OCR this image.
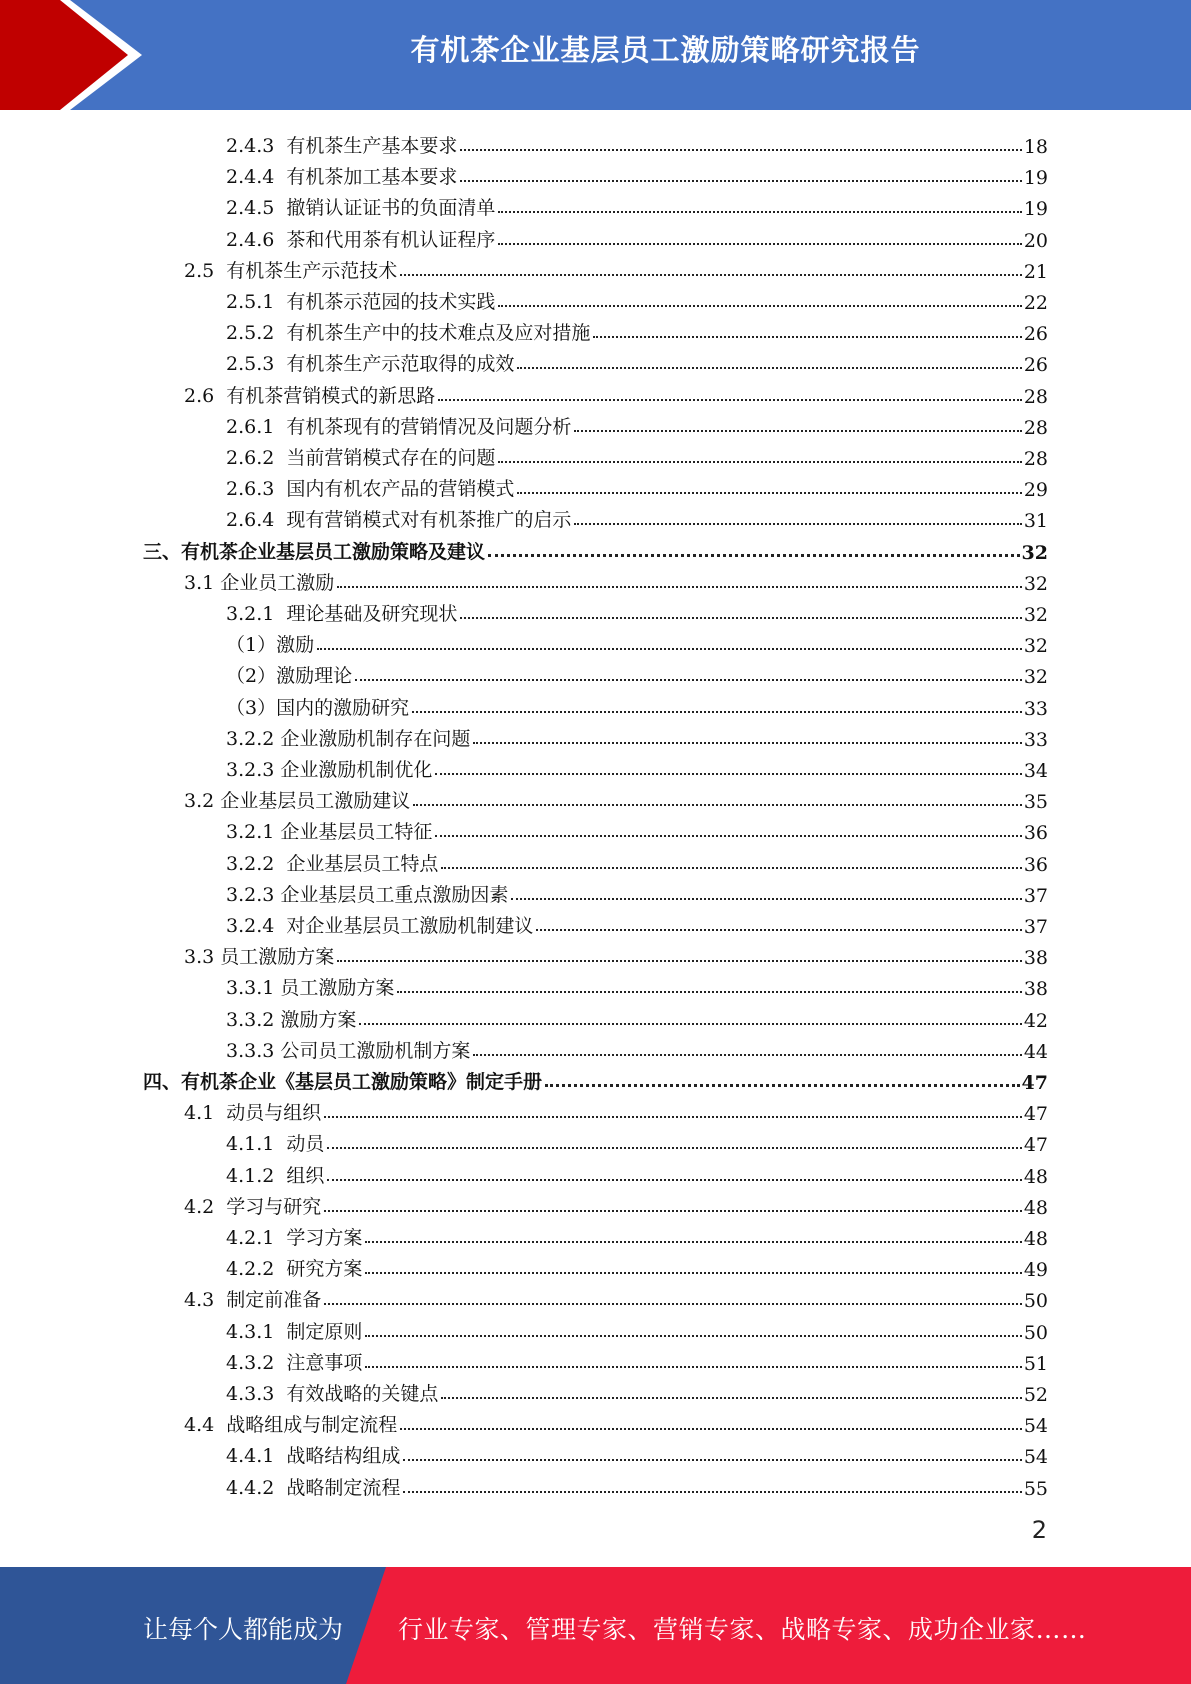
有机茶企业基层员工激励策略研究报告
2.4.3  有机茶生产基本要求	18
2.4.4  有机茶加工基本要求	19
2.4.5  撤销认证证书的负面清单	19
2.4.6  茶和代用茶有机认证程序	20
2.5  有机茶生产示范技术	21
2.5.1  有机茶示范园的技术实践	22
2.5.2  有机茶生产中的技术难点及应对措施	26
2.5.3  有机茶生产示范取得的成效	26
2.6  有机茶营销模式的新思路	28
2.6.1  有机茶现有的营销情况及问题分析	28
2.6.2  当前营销模式存在的问题	28
2.6.3  国内有机农产品的营销模式	29
2.6.4  现有营销模式对有机茶推广的启示	31
三、有机茶企业基层员工激励策略及建议	32
3.1 企业员工激励	32
3.2.1  理论基础及研究现状	32
（1）激励	32
（2）激励理论	32
（3）国内的激励研究	33
3.2.2 企业激励机制存在问题	33
3.2.3 企业激励机制优化	34
3.2 企业基层员工激励建议	35
3.2.1 企业基层员工特征	36
3.2.2  企业基层员工特点	36
3.2.3 企业基层员工重点激励因素	37
3.2.4  对企业基层员工激励机制建议	37
3.3 员工激励方案	38
3.3.1 员工激励方案	38
3.3.2 激励方案	42
3.3.3 公司员工激励机制方案	44
四、有机茶企业《基层员工激励策略》制定手册	47
4.1  动员与组织	47
4.1.1  动员	47
4.1.2  组织	48
4.2  学习与研究	48
4.2.1  学习方案	48
4.2.2  研究方案	49
4.3  制定前准备	50
4.3.1  制定原则	50
4.3.2  注意事项	51
4.3.3  有效战略的关键点	52
4.4  战略组成与制定流程	54
4.4.1  战略结构组成	54
4.4.2  战略制定流程	55
2
让每个人都能成为 行业专家、管理专家、营销专家、战略专家、成功企业家……
